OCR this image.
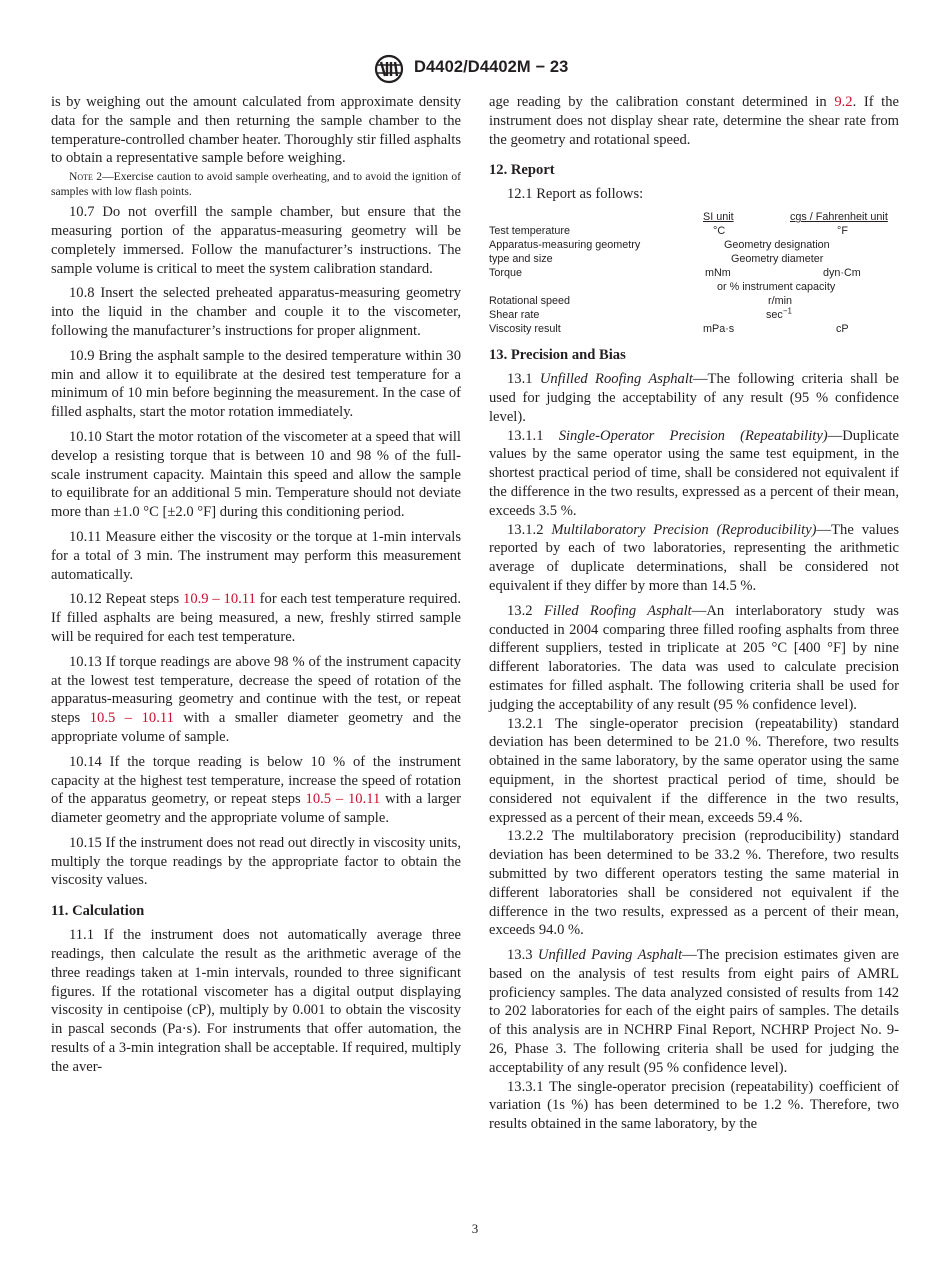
D4402/D4402M − 23

is by weighing out the amount calculated from approximate density data for the sample and then returning the sample chamber to the temperature-controlled chamber heater. Thoroughly stir filled asphalts to obtain a representative sample before weighing.

Note 2—Exercise caution to avoid sample overheating, and to avoid the ignition of samples with low flash points.

10.7 Do not overfill the sample chamber, but ensure that the measuring portion of the apparatus-measuring geometry will be completely immersed. Follow the manufacturer’s instructions. The sample volume is critical to meet the system calibration standard.

10.8 Insert the selected preheated apparatus-measuring geometry into the liquid in the chamber and couple it to the viscometer, following the manufacturer’s instructions for proper alignment.

10.9 Bring the asphalt sample to the desired temperature within 30 min and allow it to equilibrate at the desired test temperature for a minimum of 10 min before beginning the measurement. In the case of filled asphalts, start the motor rotation immediately.

10.10 Start the motor rotation of the viscometer at a speed that will develop a resisting torque that is between 10 and 98 % of the full-scale instrument capacity. Maintain this speed and allow the sample to equilibrate for an additional 5 min. Temperature should not deviate more than ±1.0 °C [±2.0 °F] during this conditioning period.

10.11 Measure either the viscosity or the torque at 1-min intervals for a total of 3 min. The instrument may perform this measurement automatically.

10.12 Repeat steps 10.9 – 10.11 for each test temperature required. If filled asphalts are being measured, a new, freshly stirred sample will be required for each test temperature.

10.13 If torque readings are above 98 % of the instrument capacity at the lowest test temperature, decrease the speed of rotation of the apparatus-measuring geometry and continue with the test, or repeat steps 10.5 – 10.11 with a smaller diameter geometry and the appropriate volume of sample.

10.14 If the torque reading is below 10 % of the instrument capacity at the highest test temperature, increase the speed of rotation of the apparatus geometry, or repeat steps 10.5 – 10.11 with a larger diameter geometry and the appropriate volume of sample.

10.15 If the instrument does not read out directly in viscosity units, multiply the torque readings by the appropriate factor to obtain the viscosity values.

11. Calculation

11.1 If the instrument does not automatically average three readings, then calculate the result as the arithmetic average of the three readings taken at 1-min intervals, rounded to three significant figures. If the rotational viscometer has a digital output displaying viscosity in centipoise (cP), multiply by 0.001 to obtain the viscosity in pascal seconds (Pa·s). For instruments that offer automation, the results of a 3-min integration shall be acceptable. If required, multiply the aver-

age reading by the calibration constant determined in 9.2. If the instrument does not display shear rate, determine the shear rate from the geometry and rotational speed.

12. Report

12.1 Report as follows:

SI unit	cgs / Fahrenheit unit
Test temperature	°C	°F
Apparatus-measuring geometry	Geometry designation
type and size	Geometry diameter
Torque	mNm	dyn·Cm
or % instrument capacity
Rotational speed	r/min
Shear rate	$\sec^{-1}$
Viscosity result	mPa·s	cP
13. Precision and Bias

13.1 Unfilled Roofing Asphalt—The following criteria shall be used for judging the acceptability of any result (95 % confidence level).

13.1.1 Single-Operator Precision (Repeatability)—Duplicate values by the same operator using the same test equipment, in the shortest practical period of time, shall be considered not equivalent if the difference in the two results, expressed as a percent of their mean, exceeds 3.5 %.

13.1.2 Multilaboratory Precision (Reproducibility)—The values reported by each of two laboratories, representing the arithmetic average of duplicate determinations, shall be considered not equivalent if they differ by more than 14.5 %.

13.2 Filled Roofing Asphalt—An interlaboratory study was conducted in 2004 comparing three filled roofing asphalts from three different suppliers, tested in triplicate at 205 °C [400 °F] by nine different laboratories. The data was used to calculate precision estimates for filled asphalt. The following criteria shall be used for judging the acceptability of any result (95 % confidence level).

13.2.1 The single-operator precision (repeatability) standard deviation has been determined to be 21.0 %. Therefore, two results obtained in the same laboratory, by the same operator using the same equipment, in the shortest practical period of time, should be considered not equivalent if the difference in the two results, expressed as a percent of their mean, exceeds 59.4 %.

13.2.2 The multilaboratory precision (reproducibility) standard deviation has been determined to be 33.2 %. Therefore, two results submitted by two different operators testing the same material in different laboratories shall be considered not equivalent if the difference in the two results, expressed as a percent of their mean, exceeds 94.0 %.

13.3 Unfilled Paving Asphalt—The precision estimates given are based on the analysis of test results from eight pairs of AMRL proficiency samples. The data analyzed consisted of results from 142 to 202 laboratories for each of the eight pairs of samples. The details of this analysis are in NCHRP Final Report, NCHRP Project No. 9-26, Phase 3. The following criteria shall be used for judging the acceptability of any result (95 % confidence level).

13.3.1 The single-operator precision (repeatability) coefficient of variation (1s %) has been determined to be 1.2 %. Therefore, two results obtained in the same laboratory, by the

3
